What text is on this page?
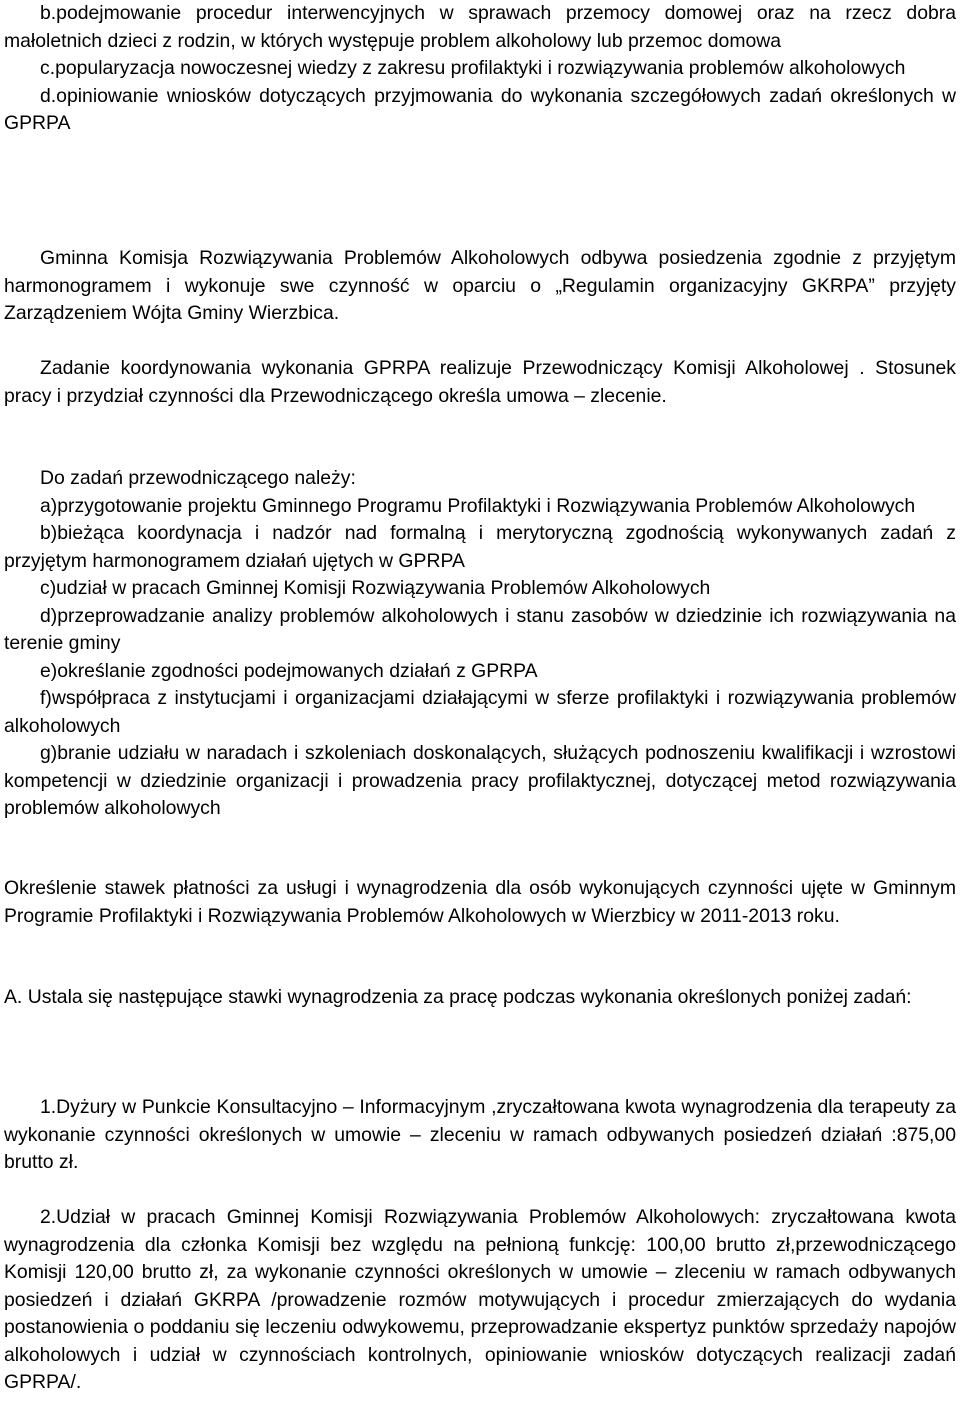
b.podejmowanie procedur interwencyjnych w sprawach przemocy domowej oraz na rzecz dobra małoletnich dzieci z rodzin, w których występuje problem alkoholowy lub przemoc domowa

c.popularyzacja nowoczesnej wiedzy z zakresu profilaktyki i rozwiązywania problemów alkoholowych

d.opiniowanie wniosków dotyczących przyjmowania do wykonania szczegółowych zadań określonych w GPRPA

Gminna Komisja Rozwiązywania Problemów Alkoholowych odbywa posiedzenia zgodnie z przyjętym harmonogramem i wykonuje swe czynność w oparciu o „Regulamin organizacyjny GKRPA” przyjęty Zarządzeniem Wójta Gminy Wierzbica.

Zadanie koordynowania wykonania GPRPA realizuje Przewodniczący Komisji Alkoholowej . Stosunek pracy i przydział czynności dla Przewodniczącego określa umowa – zlecenie.

Do zadań przewodniczącego należy:

a)przygotowanie projektu Gminnego Programu Profilaktyki i Rozwiązywania Problemów Alkoholowych

b)bieżąca koordynacja i nadzór nad formalną i merytoryczną zgodnością wykonywanych zadań z przyjętym harmonogramem działań ujętych w GPRPA

c)udział w pracach Gminnej Komisji Rozwiązywania Problemów Alkoholowych

d)przeprowadzanie analizy problemów alkoholowych i stanu zasobów w dziedzinie ich rozwiązywania na terenie gminy

e)określanie zgodności podejmowanych działań z GPRPA

f)współpraca z instytucjami i organizacjami działającymi w sferze profilaktyki i rozwiązywania problemów alkoholowych

g)branie udziału w naradach i szkoleniach doskonalących, służących podnoszeniu kwalifikacji i wzrostowi kompetencji w dziedzinie organizacji i prowadzenia pracy profilaktycznej, dotyczącej metod rozwiązywania problemów alkoholowych

Określenie stawek płatności za usługi i wynagrodzenia dla osób wykonujących czynności ujęte w Gminnym Programie Profilaktyki i Rozwiązywania Problemów Alkoholowych w Wierzbicy w 2011-2013 roku.

A. Ustala się następujące stawki wynagrodzenia za pracę podczas wykonania określonych poniżej zadań:

1.Dyżury w Punkcie Konsultacyjno – Informacyjnym ,zryczałtowana kwota wynagrodzenia dla terapeuty za wykonanie czynności określonych w umowie – zleceniu w ramach odbywanych posiedzeń działań :875,00 brutto zł.

2.Udział w pracach Gminnej Komisji Rozwiązywania Problemów Alkoholowych: zryczałtowana kwota wynagrodzenia dla członka Komisji bez względu na pełnioną funkcję: 100,00 brutto zł,przewodniczącego Komisji 120,00 brutto zł, za wykonanie czynności określonych w umowie – zleceniu w ramach odbywanych posiedzeń i działań GKRPA /prowadzenie rozmów motywujących i procedur zmierzających do wydania postanowienia o poddaniu się leczeniu odwykowemu, przeprowadzanie ekspertyz punktów sprzedaży napojów alkoholowych i udział w czynnościach kontrolnych, opiniowanie wniosków dotyczących realizacji zadań GPRPA/.
